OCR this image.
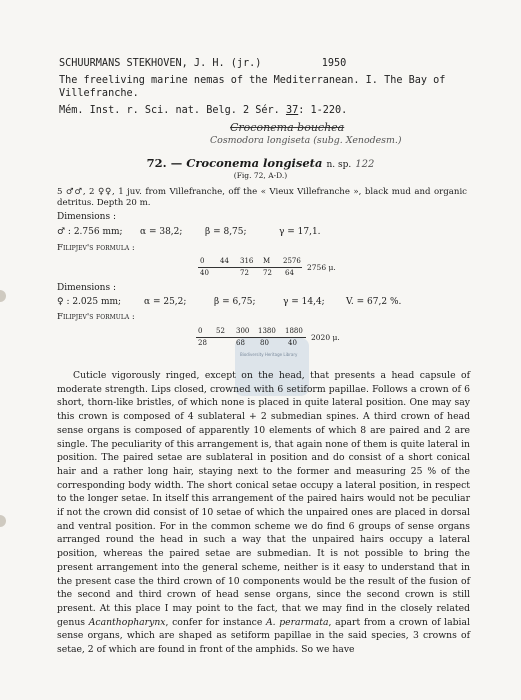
SCHUURMANS STEKHOVEN, J. H. (jr.)	1950
The freeliving marine nemas of the Mediterranean. I. The Bay of
Villefranche.
Mém. Inst. r. Sci. nat. Belg. 2 Sér. 37: 1-220.
Croconema bouchea
Cosmodora longiseta (subg. Xenodesm.)
72. — Croconema longiseta n. sp. 122
(Fig. 72, A-D.)
5 ♂♂, 2 ♀♀, 1 juv. from Villefranche, off the « Vieux Villefranche », black mud and organic detritus. Depth 20 m.
Dimensions :
♂ : 2.756 mm; α = 38,2;	β = 8,75;	γ = 17,1.
Filipjev's formula :
0 44 316 M 2576
40	72 72 64
2756 μ.
Dimensions :
♀ : 2.025 mm;	α = 25,2;	β = 6,75;	γ = 14,4; V. = 67,2 %.
Filipjev's formula :
Biodiversity Heritage Library
0 52 300 1380 1880
28	68 80	40
2020 μ.

Cuticle vigorously ringed, except on the head, that presents a head capsule of moderate strength. Lips closed, crowned with 6 setiform papillae. Follows a crown of 6 short, thorn-like bristles, of which none is placed in quite lateral position. One may say this crown is composed of 4 sublateral + 2 submedian spines. A third crown of head sense organs is composed of apparently 10 elements of which 8 are paired and 2 are single. The peculiarity of this arrangement is, that again none of them is quite lateral in position. The paired setae are sublateral in position and do consist of a short conical hair and a rather long hair, staying next to the former and measuring 25 % of the corresponding body width. The short conical setae occupy a lateral position, in respect to the longer setae. In itself this arrangement of the paired hairs would not be peculiar if not the crown did consist of 10 setae of which the unpaired ones are placed in dorsal and ventral position. For in the common scheme we do find 6 groups of sense organs arranged round the head in such a way that the unpaired hairs occupy a lateral position, whereas the paired setae are submedian. It is not possible to bring the present arrangement into the general scheme, neither is it easy to understand that in the present case the third crown of 10 components would be the result of the fusion of the second and third crown of head sense organs, since the second crown is still present. At this place I may point to the fact, that we may find in the closely related genus Acanthopharynx, confer for instance A. perarmata, apart from a crown of labial sense organs, which are shaped as setiform papillae in the said species, 3 crowns of setae, 2 of which are found in front of the amphids. So we have
